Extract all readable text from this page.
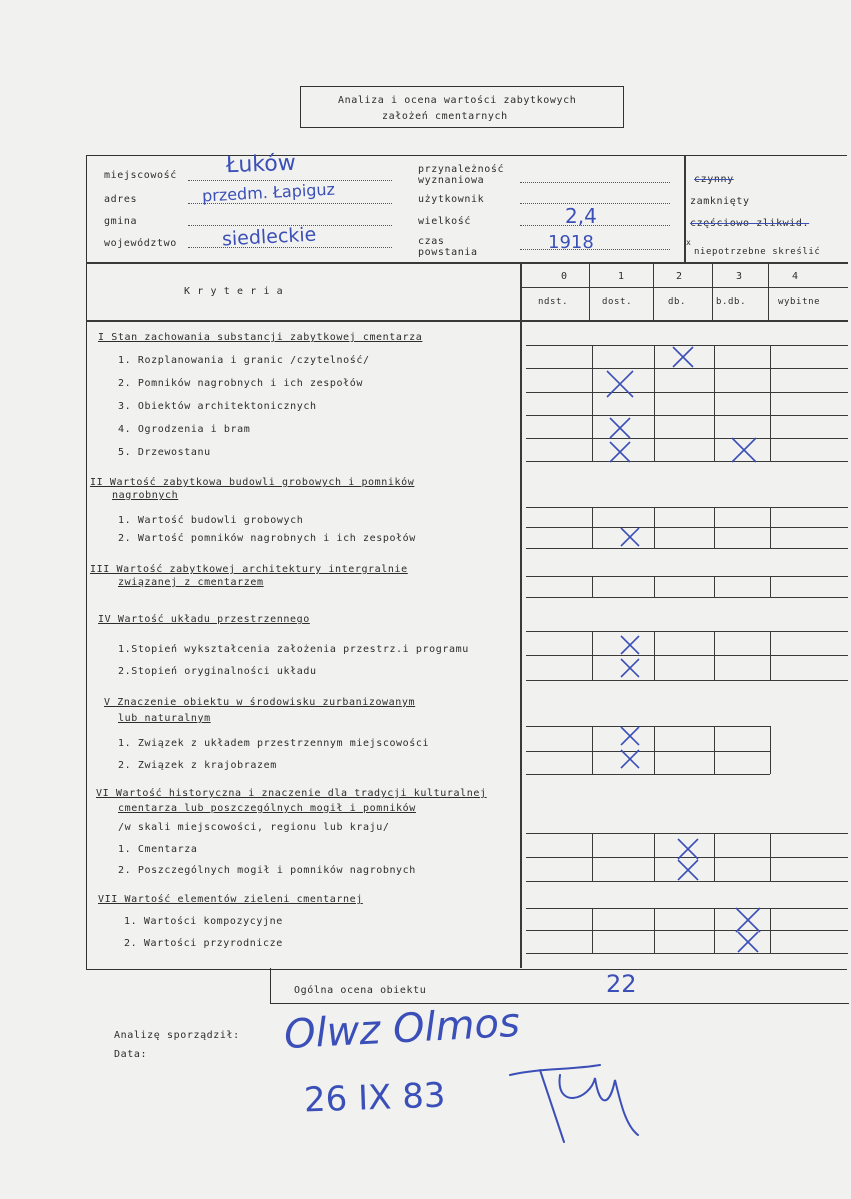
Analiza i ocena wartości zabytkowych
założeń cmentarnych
miejscowość
adres
gmina
województwo
przynależność wyznaniowa
użytkownik
wielkość
czas powstania
Łuków
przedm. Łapiguz
siedleckie
2,4
1918
czynny
zamknięty
częściowo zlikwid.
x
niepotrzebne skreślić
K r y t e r i a
0
ndst.
1
dost.
2
db.
3
b.db.
4
wybitne
I Stan zachowania substancji zabytkowej cmentarza
1. Rozplanowania i granic /czytelność/
2. Pomników nagrobnych i ich zespołów
3. Obiektów architektonicznych
4. Ogrodzenia i bram
5. Drzewostanu
II Wartość zabytkowa budowli grobowych i pomników
nagrobnych
1. Wartość budowli grobowych
2. Wartość pomników nagrobnych i ich zespołów
III Wartość zabytkowej architektury intergralnie
związanej z cmentarzem
IV Wartość układu przestrzennego
1.Stopień wykształcenia założenia przestrz.i programu
2.Stopień oryginalności układu
V Znaczenie obiektu w środowisku zurbanizowanym
lub naturalnym
1. Związek z układem przestrzennym miejscowości
2. Związek z krajobrazem
VI Wartość historyczna i znaczenie dla tradycji kulturalnej
cmentarza lub poszczególnych mogił i pomników
/w skali miejscowości, regionu lub kraju/
1. Cmentarza
2. Poszczególnych mogił i pomników nagrobnych
VII Wartość elementów zieleni cmentarnej
1. Wartości kompozycyjne
2. Wartości przyrodnicze
Ogólna ocena obiektu	22
Analizę sporządził:
Data:	Olwz Olmos
26 IX 83
